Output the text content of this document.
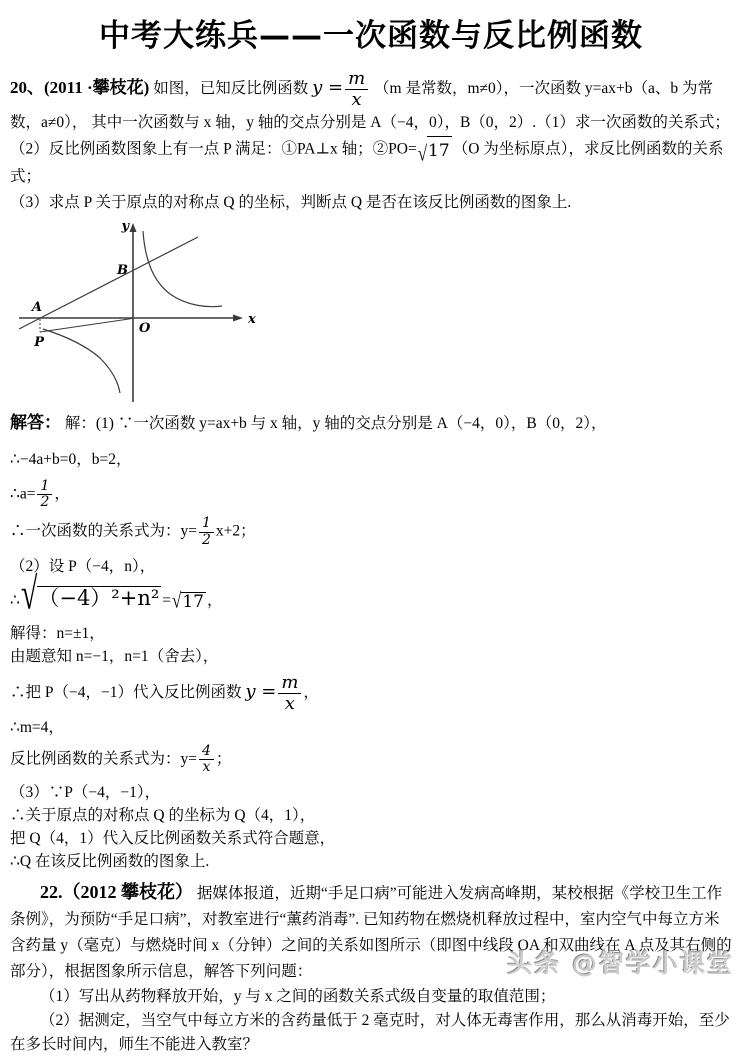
中考大练兵——一次函数与反比例函数

20、(2011 ·攀枝花) 如图，已知反比例函数 $y = \frac{m}{x} (m$ 是常数，m≠0），一次函数 y=ax+b（a、b 为常数，a≠0）， 其中一次函数与 x 轴，y 轴的交点分别是 A（−4，0），B（0，2）.（1）求一次函数的关系式；

（2）反比例函数图象上有一点 P 满足：①PA⊥x 轴；②PO= √ 17 （O 为坐标原点），求反比例函数的关系式；

（3）求点 P 关于原点的对称点 Q 的坐标，判断点 Q 是否在该反比例函数的图象上.

y
x
O
A
B
P

解答： 解：(1) ∵一次函数 y=ax+b 与 x 轴，y 轴的交点分别是 A（−4，0），B（0，2），

∴−4a+b=0，b=2，

∴a= $\frac{1}{2}$ ，

∴一次函数的关系式为：$y= \frac{1}{2} x+2$；

（2）设 P（−4，n），

∴ √ （−4）²+n² = √ 17 ，

解得：n=±1，

由题意知 n=−1，n=1（舍去），

∴把 P（−4，−1）代入反比例函数 $y = \frac{m}{x}$ ，

∴m=4，

反比例函数的关系式为：$y= \frac{4}{x}$ ；

（3）∵P（−4，−1），

∴关于原点的对称点 Q 的坐标为 Q（4，1），

把 Q（4，1）代入反比例函数关系式符合题意，

∴Q 在该反比例函数的图象上.

22.（2012 攀枝花） 据媒体报道，近期“手足口病”可能进入发病高峰期，某校根据《学校卫生工作条例》，为预防“手足口病”，对教室进行“薰药消毒”. 已知药物在燃烧机释放过程中，室内空气中每立方米含药量 y（毫克）与燃烧时间 x（分钟）之间的关系如图所示（即图中线段 OA 和双曲线在 A 点及其右侧的部分），根据图象所示信息，解答下列问题：

（1）写出从药物释放开始，y 与 x 之间的函数关系式级自变量的取值范围；

（2）据测定，当空气中每立方米的含药量低于 2 毫克时，对人体无毒害作用，那么从消毒开始，至少在多长时间内，师生不能进入教室？

头条 @智学小课堂
